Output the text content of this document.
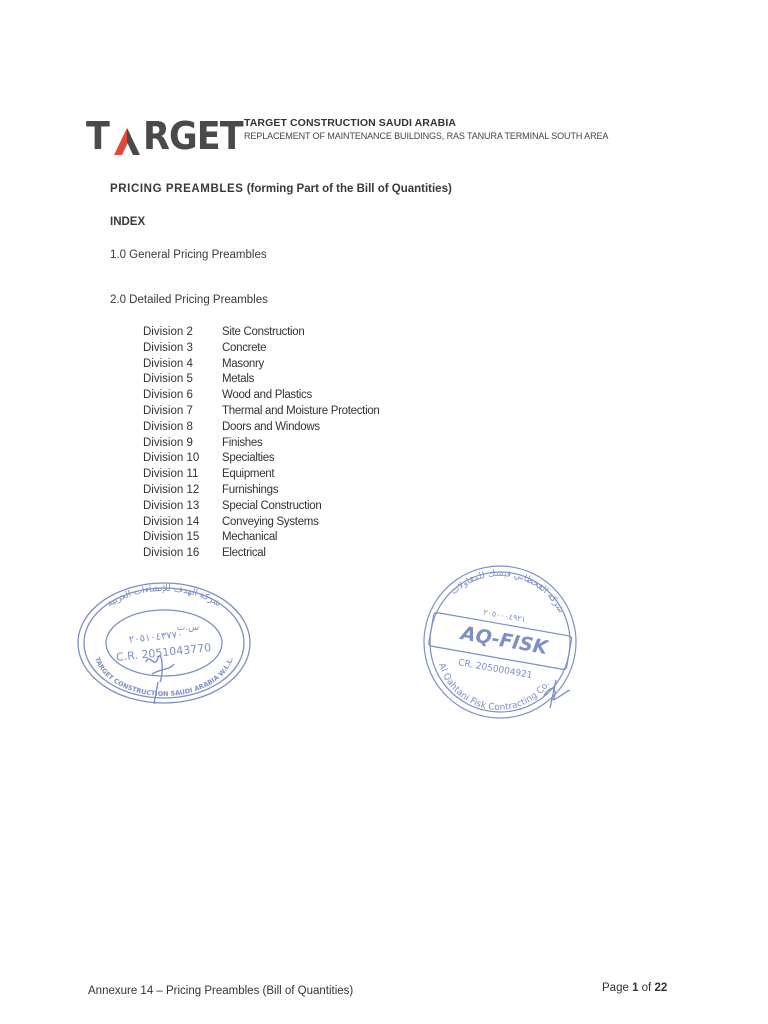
T RGET TARGET CONSTRUCTION SAUDI ARABIA
REPLACEMENT OF MAINTENANCE BUILDINGS, RAS TANURA TERMINAL SOUTH AREA
PRICING PREAMBLES (forming Part of the Bill of Quantities)
INDEX
1.0 General Pricing Preambles
2.0 Detailed Pricing Preambles
Division 2	Site Construction
Division 3	Concrete
Division 4	Masonry
Division 5	Metals
Division 6	Wood and Plastics
Division 7	Thermal and Moisture Protection
Division 8	Doors and Windows
Division 9	Finishes
Division 10	Specialties
Division 11	Equipment
Division 12	Furnishings
Division 13	Special Construction
Division 14	Conveying Systems
Division 15	Mechanical
Division 16	Electrical
شركة الهدف للإنشاءات العربية
TARGET CONSTRUCTION SAUDI ARABIA W.L.L.
س.ت
٢٠٥١٠٤٣٧٧٠
C.R. 2051043770
شركة القحطاني فيسك للمقاولات
Al Qahtani Fisk Contracting Co.
٢٠٥٠٠٠٤٩٢١
AQ-FISK
CR. 2050004921
Annexure 14 – Pricing Preambles (Bill of Quantities)	Page 1 of 22
